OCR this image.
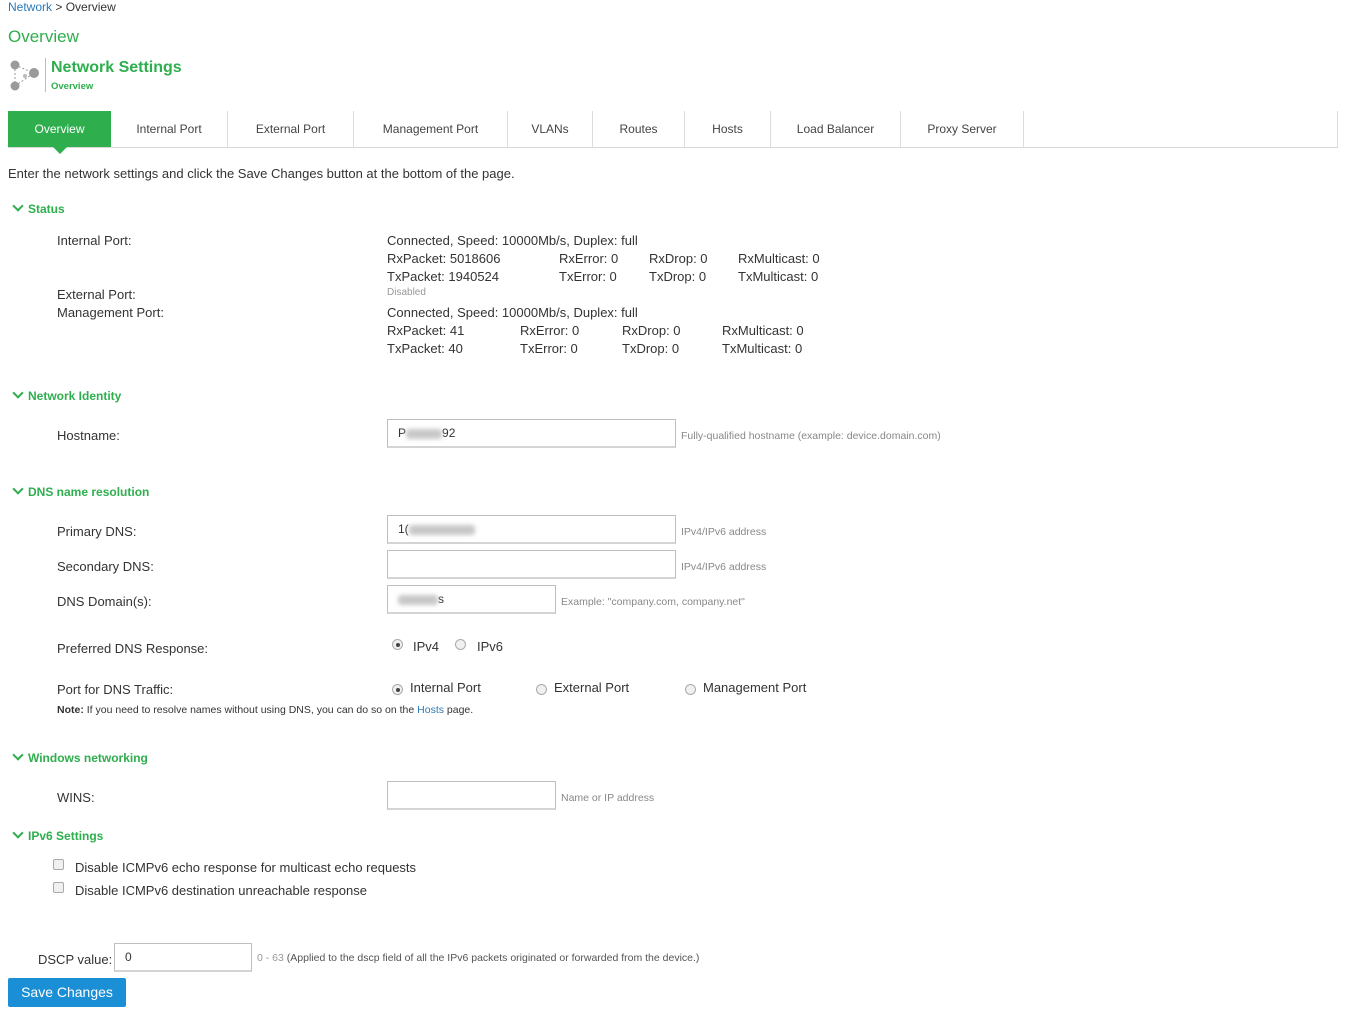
Network > Overview
Overview
Network Settings
Overview
Overview	Internal Port	External Port	Management Port	VLANs	Routes	Hosts	Load Balancer	Proxy Server
Enter the network settings and click the Save Changes button at the bottom of the page.
Status
Internal Port:	Connected, Speed: 10000Mb/s, Duplex: full
RxPacket: 5018606	RxError: 0 RxDrop: 0 RxMulticast: 0
TxPacket: 1940524	TxError: 0 TxDrop: 0 TxMulticast: 0
External Port:	Disabled
Management Port:	Connected, Speed: 10000Mb/s, Duplex: full
RxPacket: 41	RxError: 0	RxDrop: 0	RxMulticast: 0
TxPacket: 40	TxError: 0	TxDrop: 0	TxMulticast: 0
Network Identity
Hostname:	P	92	Fully-qualified hostname (example: device.domain.com)
DNS name resolution
Primary DNS:	1(	IPv4/IPv6 address
Secondary DNS:	IPv4/IPv6 address
DNS Domain(s):	s	Example: "company.com, company.net"
Preferred DNS Response:	IPv4	IPv6
Port for DNS Traffic:	Internal Port	External Port	Management Port
Note: If you need to resolve names without using DNS, you can do so on the Hosts page.
Windows networking
WINS:	Name or IP address
IPv6 Settings
Disable ICMPv6 echo response for multicast echo requests
Disable ICMPv6 destination unreachable response
DSCP value:	0	0 - 63 (Applied to the dscp field of all the IPv6 packets originated or forwarded from the device.)
Save Changes
